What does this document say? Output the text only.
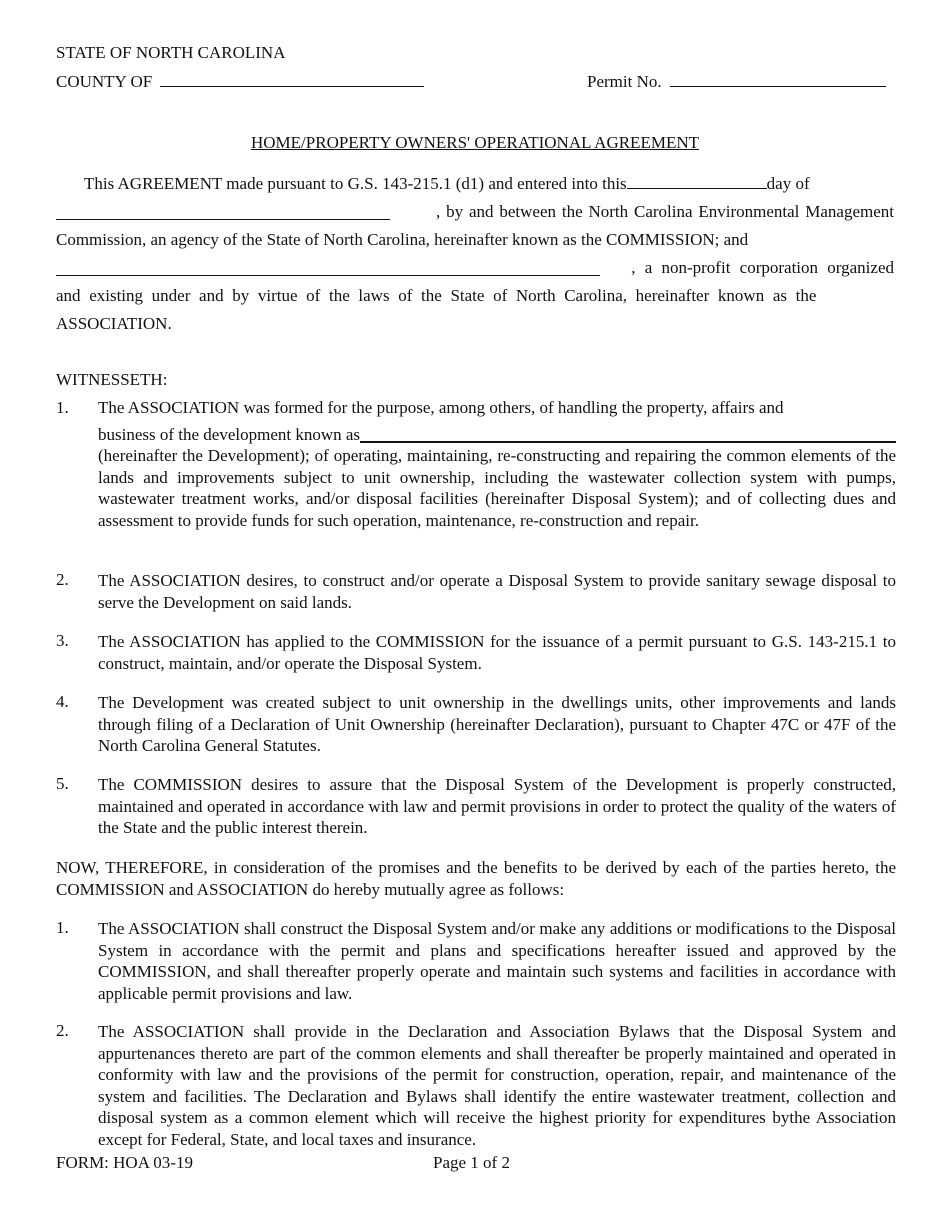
STATE OF NORTH CAROLINA
COUNTY OF	Permit No.
HOME/PROPERTY OWNERS' OPERATIONAL AGREEMENT
This AGREEMENT made pursuant to G.S. 143-215.1 (d1) and entered into this	day of
, by and between the North Carolina Environmental Management
Commission, an agency of the State of North Carolina, hereinafter known as the COMMISSION; and
, a non-profit corporation organized
and existing under and by virtue of the laws of the State of North Carolina, hereinafter known as the
ASSOCIATION.
WITNESSETH:
1.	The ASSOCIATION was formed for the purpose, among others, of handling the property, affairs and
business of the development known as
(hereinafter the Development); of operating, maintaining, re-constructing and repairing the common elements of the lands and improvements subject to unit ownership, including the wastewater collection system with pumps, wastewater treatment works, and/or disposal facilities (hereinafter Disposal System); and of collecting dues and assessment to provide funds for such operation, maintenance, re-construction and repair.
2.	The ASSOCIATION desires, to construct and/or operate a Disposal System to provide sanitary sewage disposal to serve the Development on said lands.
3.	The ASSOCIATION has applied to the COMMISSION for the issuance of a permit pursuant to G.S. 143-215.1 to construct, maintain, and/or operate the Disposal System.
4.	The Development was created subject to unit ownership in the dwellings units, other improvements and lands through filing of a Declaration of Unit Ownership (hereinafter Declaration), pursuant to Chapter 47C or 47F of the North Carolina General Statutes.
5.	The COMMISSION desires to assure that the Disposal System of the Development is properly constructed, maintained and operated in accordance with law and permit provisions in order to protect the quality of the waters of the State and the public interest therein.
NOW, THEREFORE, in consideration of the promises and the benefits to be derived by each of the parties hereto, the COMMISSION and ASSOCIATION do hereby mutually agree as follows:
1.	The ASSOCIATION shall construct the Disposal System and/or make any additions or modifications to the Disposal System in accordance with the permit and plans and specifications hereafter issued and approved by the COMMISSION, and shall thereafter properly operate and maintain such systems and facilities in accordance with applicable permit provisions and law.
2.	The ASSOCIATION shall provide in the Declaration and Association Bylaws that the Disposal System and appurtenances thereto are part of the common elements and shall thereafter be properly maintained and operated in conformity with law and the provisions of the permit for construction, operation, repair, and maintenance of the system and facilities. The Declaration and Bylaws shall identify the entire wastewater treatment, collection and disposal system as a common element which will receive the highest priority for expenditures bythe Association except for Federal, State, and local taxes and insurance.
FORM: HOA 03-19	Page 1 of 2
